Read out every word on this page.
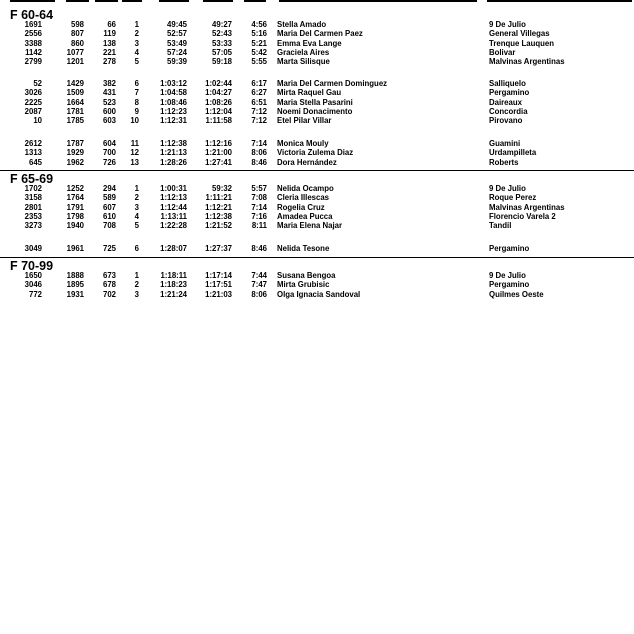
F 60-64
1691	598	66 1	49:45	49:27 4:56 Stella Amado	9 De Julio
2556	807 119 2	52:57	52:43 5:16 Maria Del Carmen Paez	General Villegas
3388	860 138 3	53:49	53:33 5:21 Emma Eva Lange	Trenque Lauquen
1142	1077 221 4	57:24	57:05 5:42 Graciela Aires	Bolivar
2799	1201 278 5	59:39	59:18 5:55 Marta Silisque	Malvinas Argentinas
52	1429 382 6	1:03:12 1:02:44 6:17 Maria Del Carmen Dominguez	Salliquelo
3026	1509 431 7	1:04:58 1:04:27 6:27 Mirta Raquel Gau	Pergamino
2225	1664 523 8	1:08:46 1:08:26 6:51 Maria Stella Pasarini	Daireaux
2087	1781 600 9	1:12:23 1:12:04 7:12 Noemi Donacimento	Concordia
10	1785 603 10	1:12:31 1:11:58 7:12 Etel Pilar Villar	Pirovano
2612	1787 604 11	1:12:38 1:12:16 7:14 Monica Mouly	Guamini
1313	1929 700 12	1:21:13 1:21:00 8:06 Victoria Zulema Diaz	Urdampilleta
645	1962 726 13	1:28:26 1:27:41 8:46 Dora Hernández	Roberts
F 65-69
1702	1252 294 1	1:00:31	59:32 5:57 Nelida Ocampo	9 De Julio
3158	1764 589 2	1:12:13 1:11:21 7:08 Cleria Illescas	Roque Perez
2801	1791 607 3	1:12:44 1:12:21 7:14 Rogelia Cruz	Malvinas Argentinas
2353	1798 610 4	1:13:11 1:12:38 7:16 Amadea Pucca	Florencio Varela 2
3273	1940 708 5	1:22:28 1:21:52	8:11 Maria Elena Najar	Tandil
3049	1961 725 6	1:28:07 1:27:37 8:46 Nelida Tesone	Pergamino
F 70-99
1650	1888 673 1	1:18:11 1:17:14 7:44 Susana Bengoa	9 De Julio
3046	1895 678 2	1:18:23 1:17:51 7:47 Mirta Grubisic	Pergamino
772	1931 702 3	1:21:24 1:21:03 8:06 Olga Ignacia Sandoval	Quilmes Oeste
